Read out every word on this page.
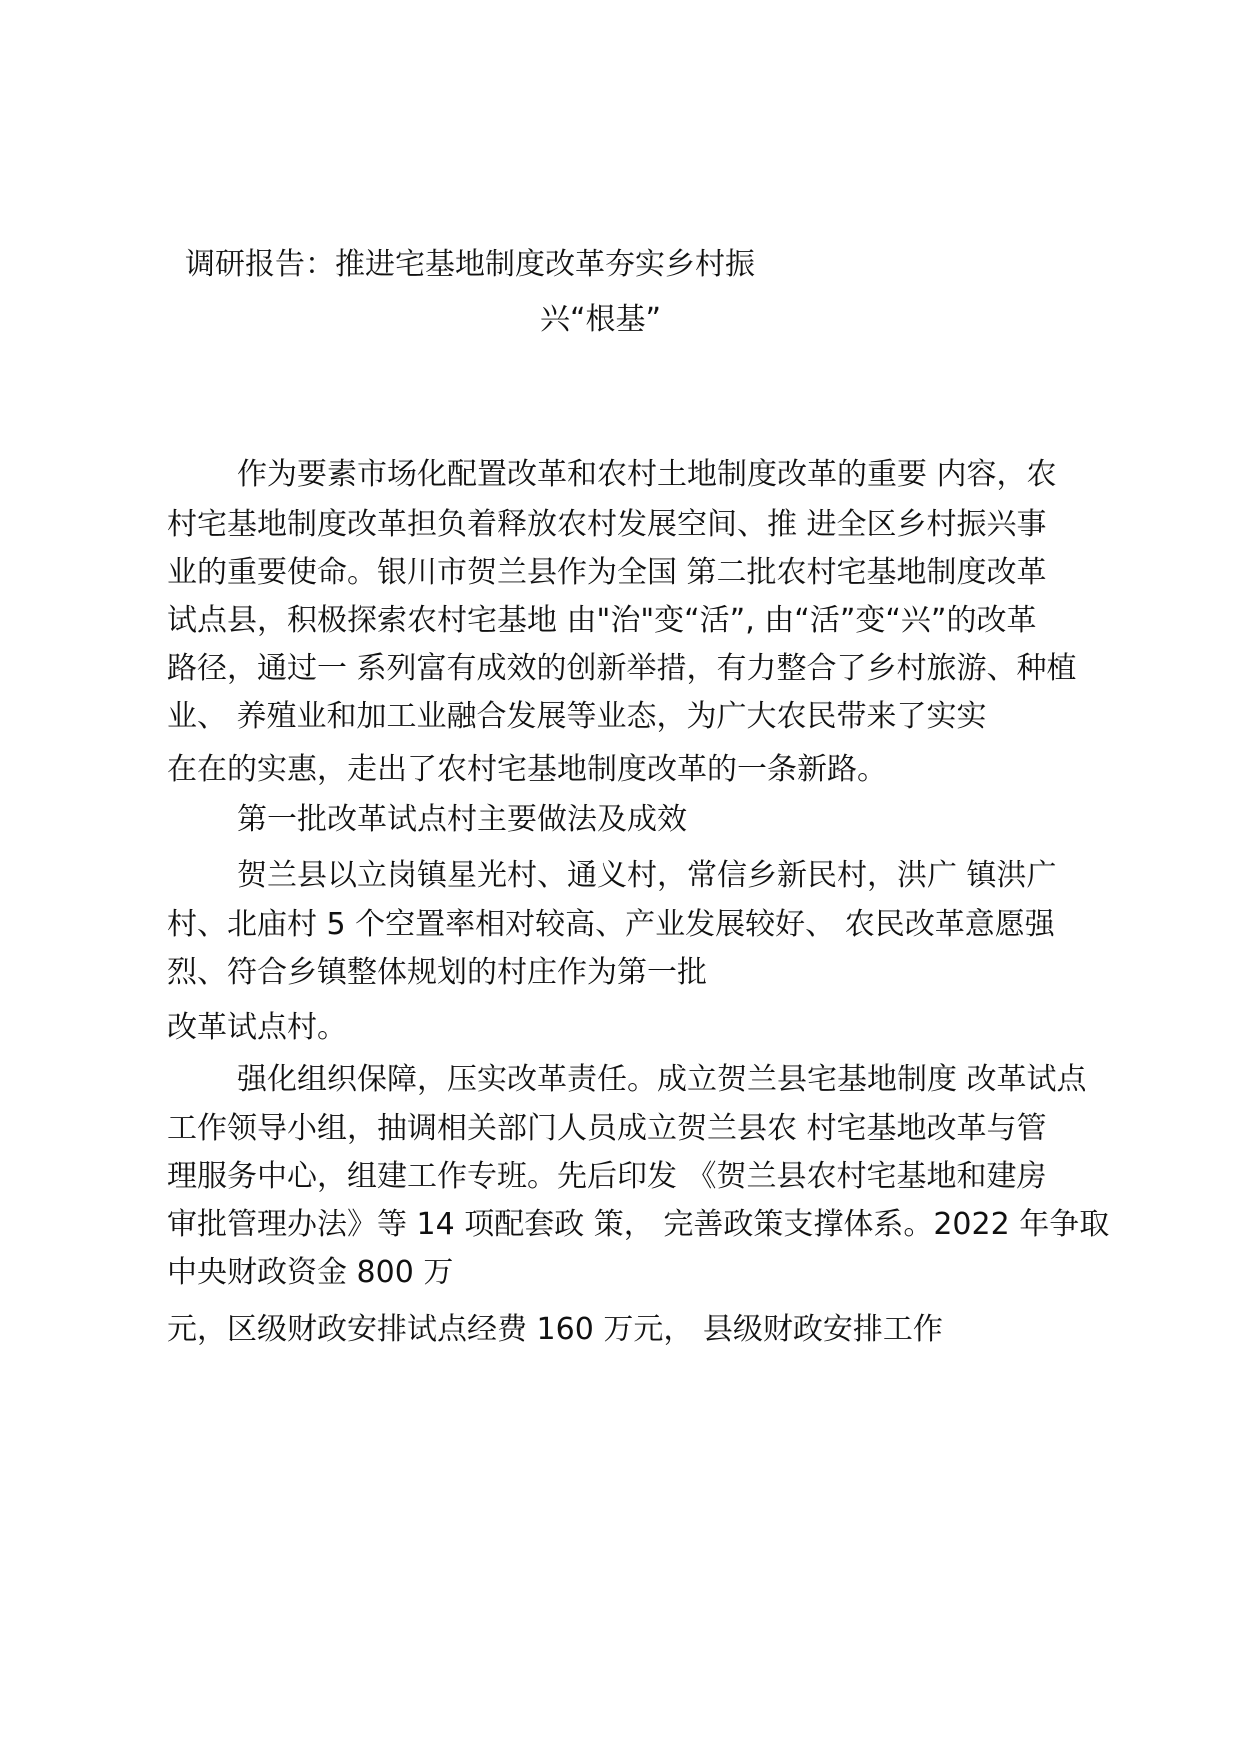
调研报告：推进宅基地制度改革夯实乡村振
兴“根基”
作为要素市场化配置改革和农村土地制度改革的重要 内容，农
村宅基地制度改革担负着释放农村发展空间、推 进全区乡村振兴事
业的重要使命。银川市贺兰县作为全国 第二批农村宅基地制度改革
试点县，积极探索农村宅基地 由"治"变“活”, 由“活”变“兴”的改革
路径，通过一 系列富有成效的创新举措，有力整合了乡村旅游、种植
业、 养殖业和加工业融合发展等业态，为广大农民带来了实实
在在的实惠，走出了农村宅基地制度改革的一条新路。
第一批改革试点村主要做法及成效
贺兰县以立岗镇星光村、通义村，常信乡新民村，洪广 镇洪广
村、北庙村 5 个空置率相对较高、产业发展较好、 农民改革意愿强
烈、符合乡镇整体规划的村庄作为第一批
改革试点村。
强化组织保障，压实改革责任。成立贺兰县宅基地制度 改革试点
工作领导小组，抽调相关部门人员成立贺兰县农 村宅基地改革与管
理服务中心，组建工作专班。先后印发 《贺兰县农村宅基地和建房
审批管理办法》等 14 项配套政 策， 完善政策支撑体系。2022 年争取
中央财政资金 800 万
元，区级财政安排试点经费 160 万元， 县级财政安排工作
